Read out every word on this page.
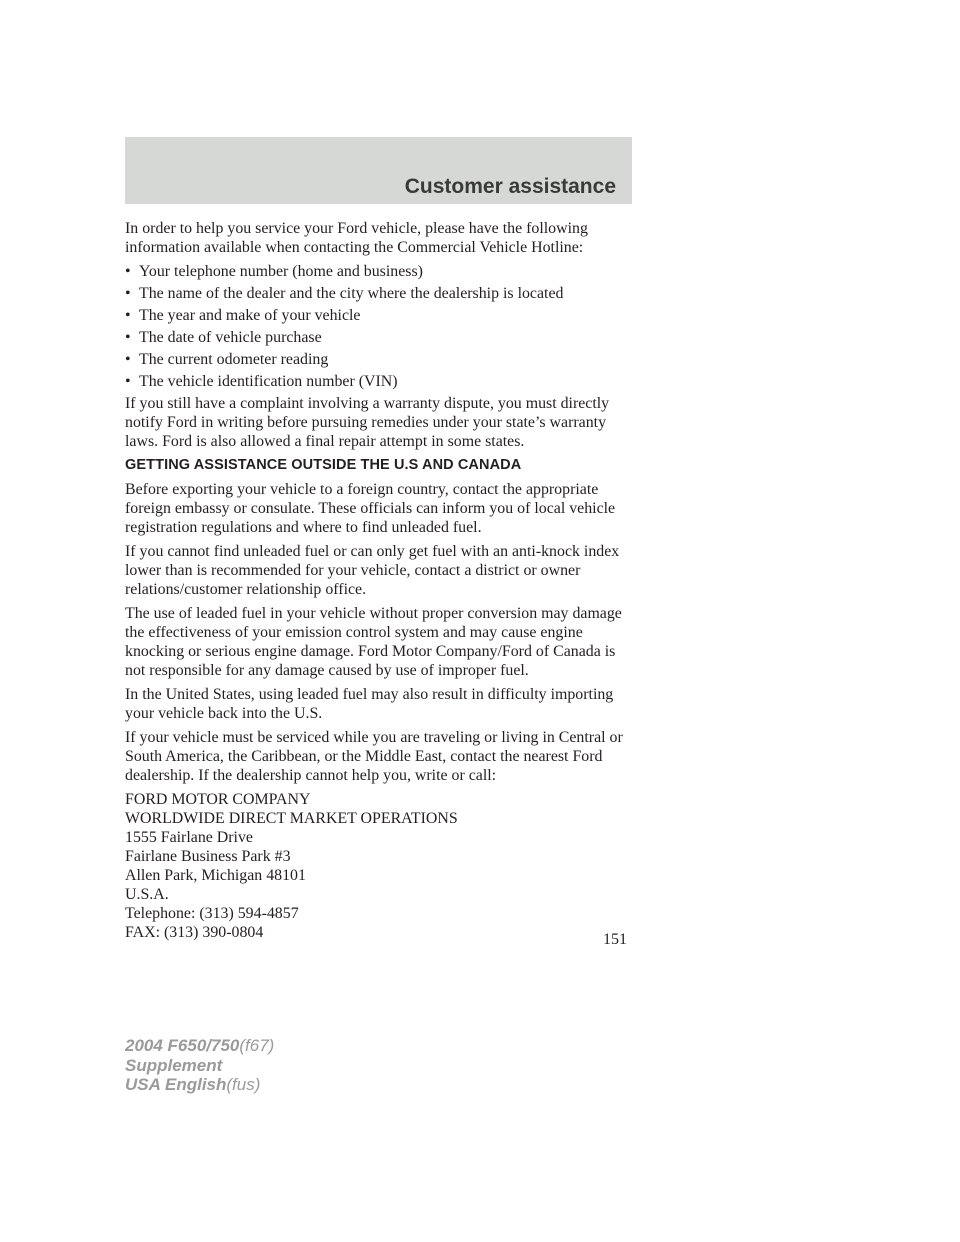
Customer assistance

In order to help you service your Ford vehicle, please have the following information available when contacting the Commercial Vehicle Hotline:

• Your telephone number (home and business)
• The name of the dealer and the city where the dealership is located
• The year and make of your vehicle
• The date of vehicle purchase
• The current odometer reading
• The vehicle identification number (VIN)

If you still have a complaint involving a warranty dispute, you must directly notify Ford in writing before pursuing remedies under your state’s warranty laws. Ford is also allowed a final repair attempt in some states.

GETTING ASSISTANCE OUTSIDE THE U.S AND CANADA

Before exporting your vehicle to a foreign country, contact the appropriate foreign embassy or consulate. These officials can inform you of local vehicle registration regulations and where to find unleaded fuel.

If you cannot find unleaded fuel or can only get fuel with an anti-knock index lower than is recommended for your vehicle, contact a district or owner relations/customer relationship office.

The use of leaded fuel in your vehicle without proper conversion may damage the effectiveness of your emission control system and may cause engine knocking or serious engine damage. Ford Motor Company/Ford of Canada is not responsible for any damage caused by use of improper fuel.

In the United States, using leaded fuel may also result in difficulty importing your vehicle back into the U.S.

If your vehicle must be serviced while you are traveling or living in Central or South America, the Caribbean, or the Middle East, contact the nearest Ford dealership. If the dealership cannot help you, write or call:

FORD MOTOR COMPANY
WORLDWIDE DIRECT MARKET OPERATIONS
1555 Fairlane Drive
Fairlane Business Park #3
Allen Park, Michigan 48101
U.S.A.
Telephone: (313) 594-4857
FAX: (313) 390-0804	151
2004 F650/750(f67)
Supplement
USA English(fus)
